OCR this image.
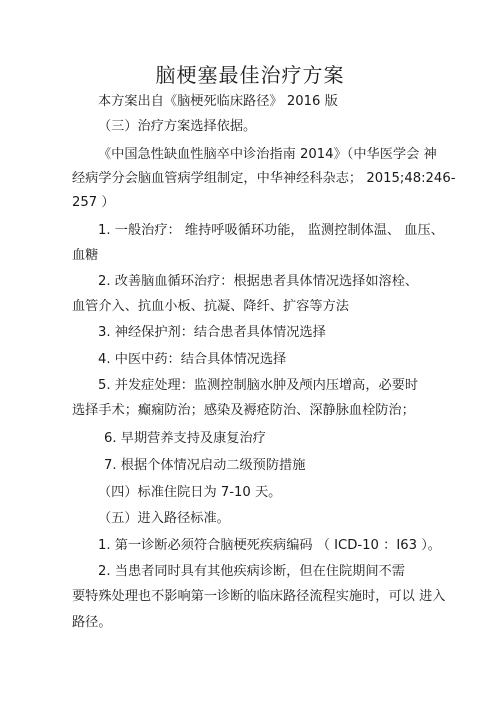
脑梗塞最佳治疗方案
本方案出自《脑梗死临床路径》 2016 版
（三）治疗方案选择依据。
《中国急性缺血性脑卒中诊治指南 2014》（中华医学会 神
经病学分会脑血管病学组制定，中华神经科杂志； 2015;48:246-
257 ）
1. 一般治疗： 维持呼吸循环功能， 监测控制体温、 血压、
血糖
2. 改善脑血循环治疗：根据患者具体情况选择如溶栓、
血管介入、抗血小板、抗凝、降纤、扩容等方法
3. 神经保护剂：结合患者具体情况选择
4. 中医中药：结合具体情况选择
5. 并发症处理：监测控制脑水肿及颅内压增高，必要时
选择手术；癫痫防治；感染及褥疮防治、深静脉血栓防治；
6. 早期营养支持及康复治疗
7. 根据个体情况启动二级预防措施
（四）标准住院日为 7-10 天。
（五）进入路径标准。
1. 第一诊断必须符合脑梗死疾病编码 （ ICD-10 ：I63 ）。
2. 当患者同时具有其他疾病诊断，但在住院期间不需
要特殊处理也不影响第一诊断的临床路径流程实施时，可以 进入
路径。
